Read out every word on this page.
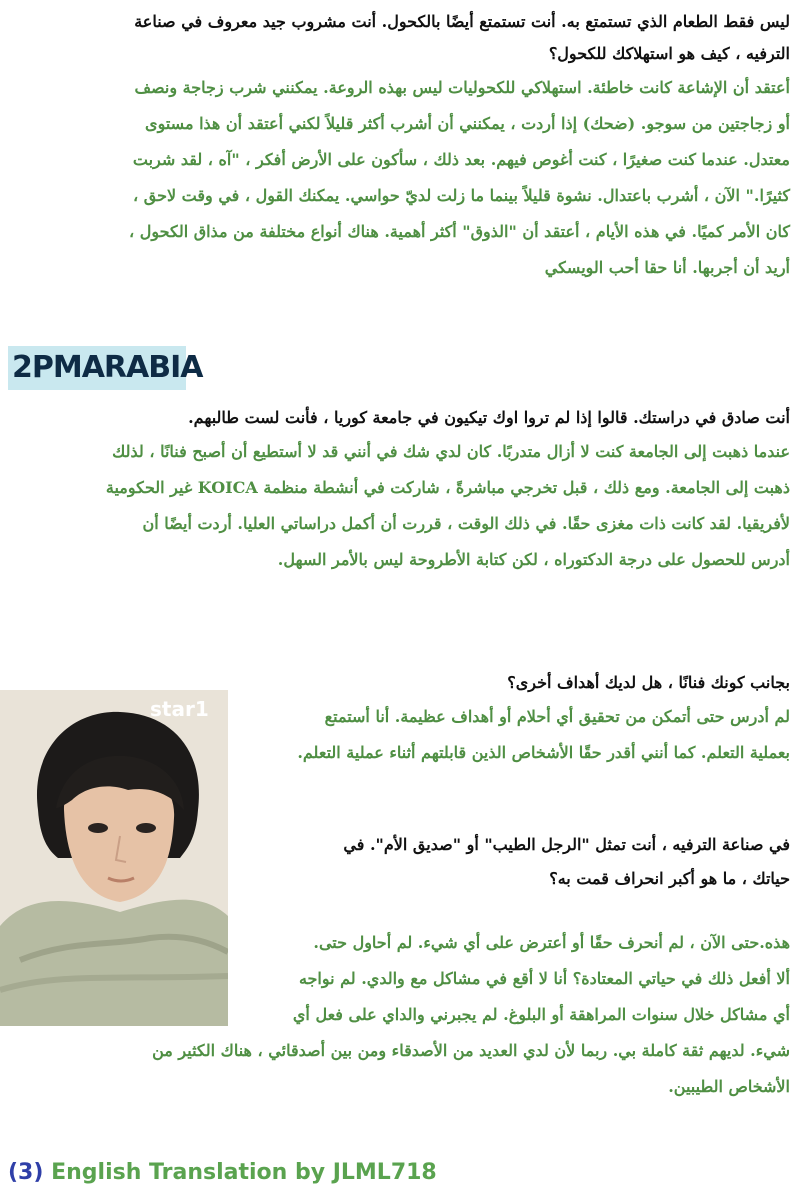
ليس فقط الطعام الذي تستمتع به. أنت تستمتع أيضًا بالكحول. أنت مشروب جيد معروف في صناعة
الترفيه ، كيف هو استهلاكك للكحول؟
أعتقد أن الإشاعة كانت خاطئة. استهلاكي للكحوليات ليس بهذه الروعة. يمكنني شرب زجاجة ونصف
أو زجاجتين من سوجو. (ضحك) إذا أردت ، يمكنني أن أشرب أكثر قليلاً لكني أعتقد أن هذا مستوى
معتدل. عندما كنت صغيرًا ، كنت أغوص فيهم. بعد ذلك ، سأكون على الأرض أفكر ، "آه ، لقد شربت
كثيرًا." الآن ، أشرب باعتدال. نشوة قليلاً بينما ما زلت لديّ حواسي. يمكنك القول ، في وقت لاحق ،
كان الأمر كميًا. في هذه الأيام ، أعتقد أن "الذوق" أكثر أهمية. هناك أنواع مختلفة من مذاق الكحول ،
أريد أن أجربها. أنا حقا أحب الويسكي
2PMARABIA
أنت صادق في دراستك. قالوا إذا لم تروا اوك تيكيون في جامعة كوريا ، فأنت لست طالبهم.
عندما ذهبت إلى الجامعة كنت لا أزال متدربًا. كان لدي شك في أنني قد لا أستطيع أن أصبح فنانًا ، لذلك
ذهبت إلى الجامعة. ومع ذلك ، قبل تخرجي مباشرةً ، شاركت في أنشطة منظمة KOICA غير الحكومية
لأفريقيا. لقد كانت ذات مغزى حقًا. في ذلك الوقت ، قررت أن أكمل دراساتي العليا. أردت أيضًا أن
أدرس للحصول على درجة الدكتوراه ، لكن كتابة الأطروحة ليس بالأمر السهل.
star1
بجانب كونك فنانًا ، هل لديك أهداف أخرى؟
لم أدرس حتى أتمكن من تحقيق أي أحلام أو أهداف عظيمة. أنا أستمتع
بعملية التعلم. كما أنني أقدر حقًا الأشخاص الذين قابلتهم أثناء عملية التعلم.
في صناعة الترفيه ، أنت تمثل "الرجل الطيب" أو "صديق الأم". في
حياتك ، ما هو أكبر انحراف قمت به؟
هذه.حتى الآن ، لم أنحرف حقًا أو أعترض على أي شيء. لم أحاول حتى.
ألا أفعل ذلك في حياتي المعتادة؟ أنا لا أقع في مشاكل مع والدي. لم نواجه
أي مشاكل خلال سنوات المراهقة أو البلوغ. لم يجبرني والداي على فعل أي
شيء. لديهم ثقة كاملة بي. ربما لأن لدي العديد من الأصدقاء ومن بين أصدقائي ، هناك الكثير من
الأشخاص الطيبين.
(3) English Translation by JLML718
